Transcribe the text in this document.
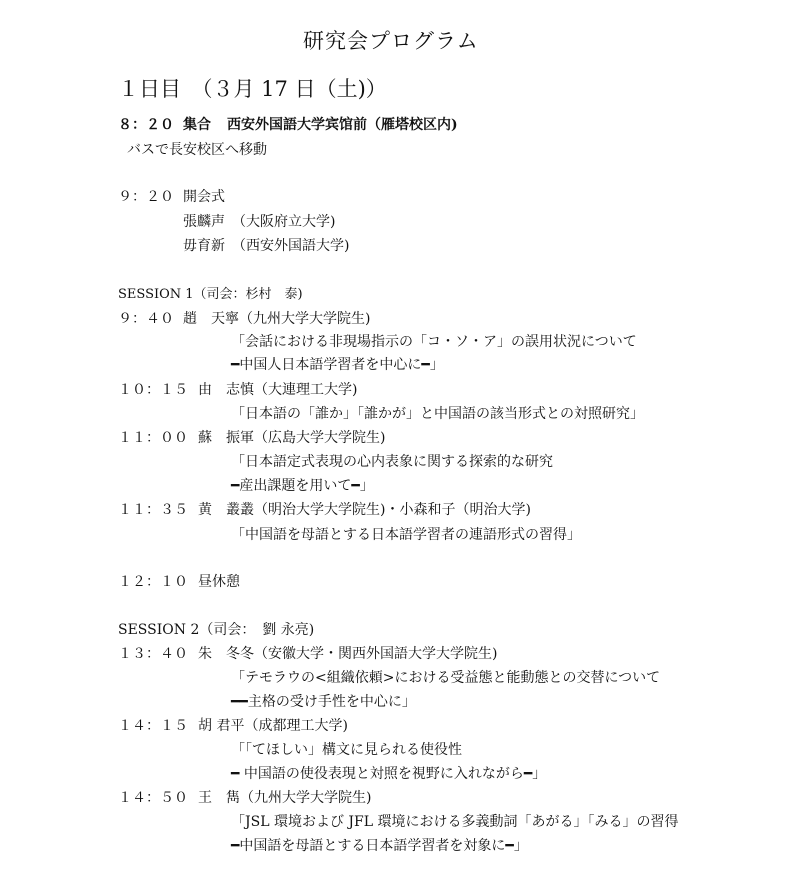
研究会プログラム
１日目　（３月 17 日（土)）
８：２０ 集合 西安外国語大学宾馆前（雁塔校区内)
バスで長安校区へ移動
９：２０ 開会式
張麟声　（大阪府立大学)
毋育新　（西安外国語大学)
SESSION 1（司会：杉村　泰)
９：４０ 趙　天寧（九州大学大学院生)
「会話における非現場指示の「コ・ソ・ア」の誤用状況について
━中国人日本語学習者を中心に━」
１０：１５ 由　志慎（大連理工大学)
「日本語の「誰か」「誰かが」と中国語の該当形式との対照研究」
１１：００ 蘇　振軍（広島大学大学院生)
「日本語定式表現の心内表象に関する探索的な研究
━産出課題を用いて━」
１１：３５ 黄　叢叢（明治大学大学院生)・小森和子（明治大学)
「中国語を母語とする日本語学習者の連語形式の習得」
１２：１０ 昼休憩
SESSION 2（司会：　劉 永亮)
１３：４０ 朱　冬冬（安徽大学・関西外国語大学大学院生)
「テモラウの<組織依頼>における受益態と能動態との交替について
━━主格の受け手性を中心に」
１４：１５ 胡 君平（成都理工大学)
「「てほしい」構文に見られる使役性
━ 中国語の使役表現と対照を視野に入れながら━」
１４：５０ 王　雋（九州大学大学院生)
「JSL 環境および JFL 環境における多義動詞「あがる」「みる」の習得
━中国語を母語とする日本語学習者を対象に━」
